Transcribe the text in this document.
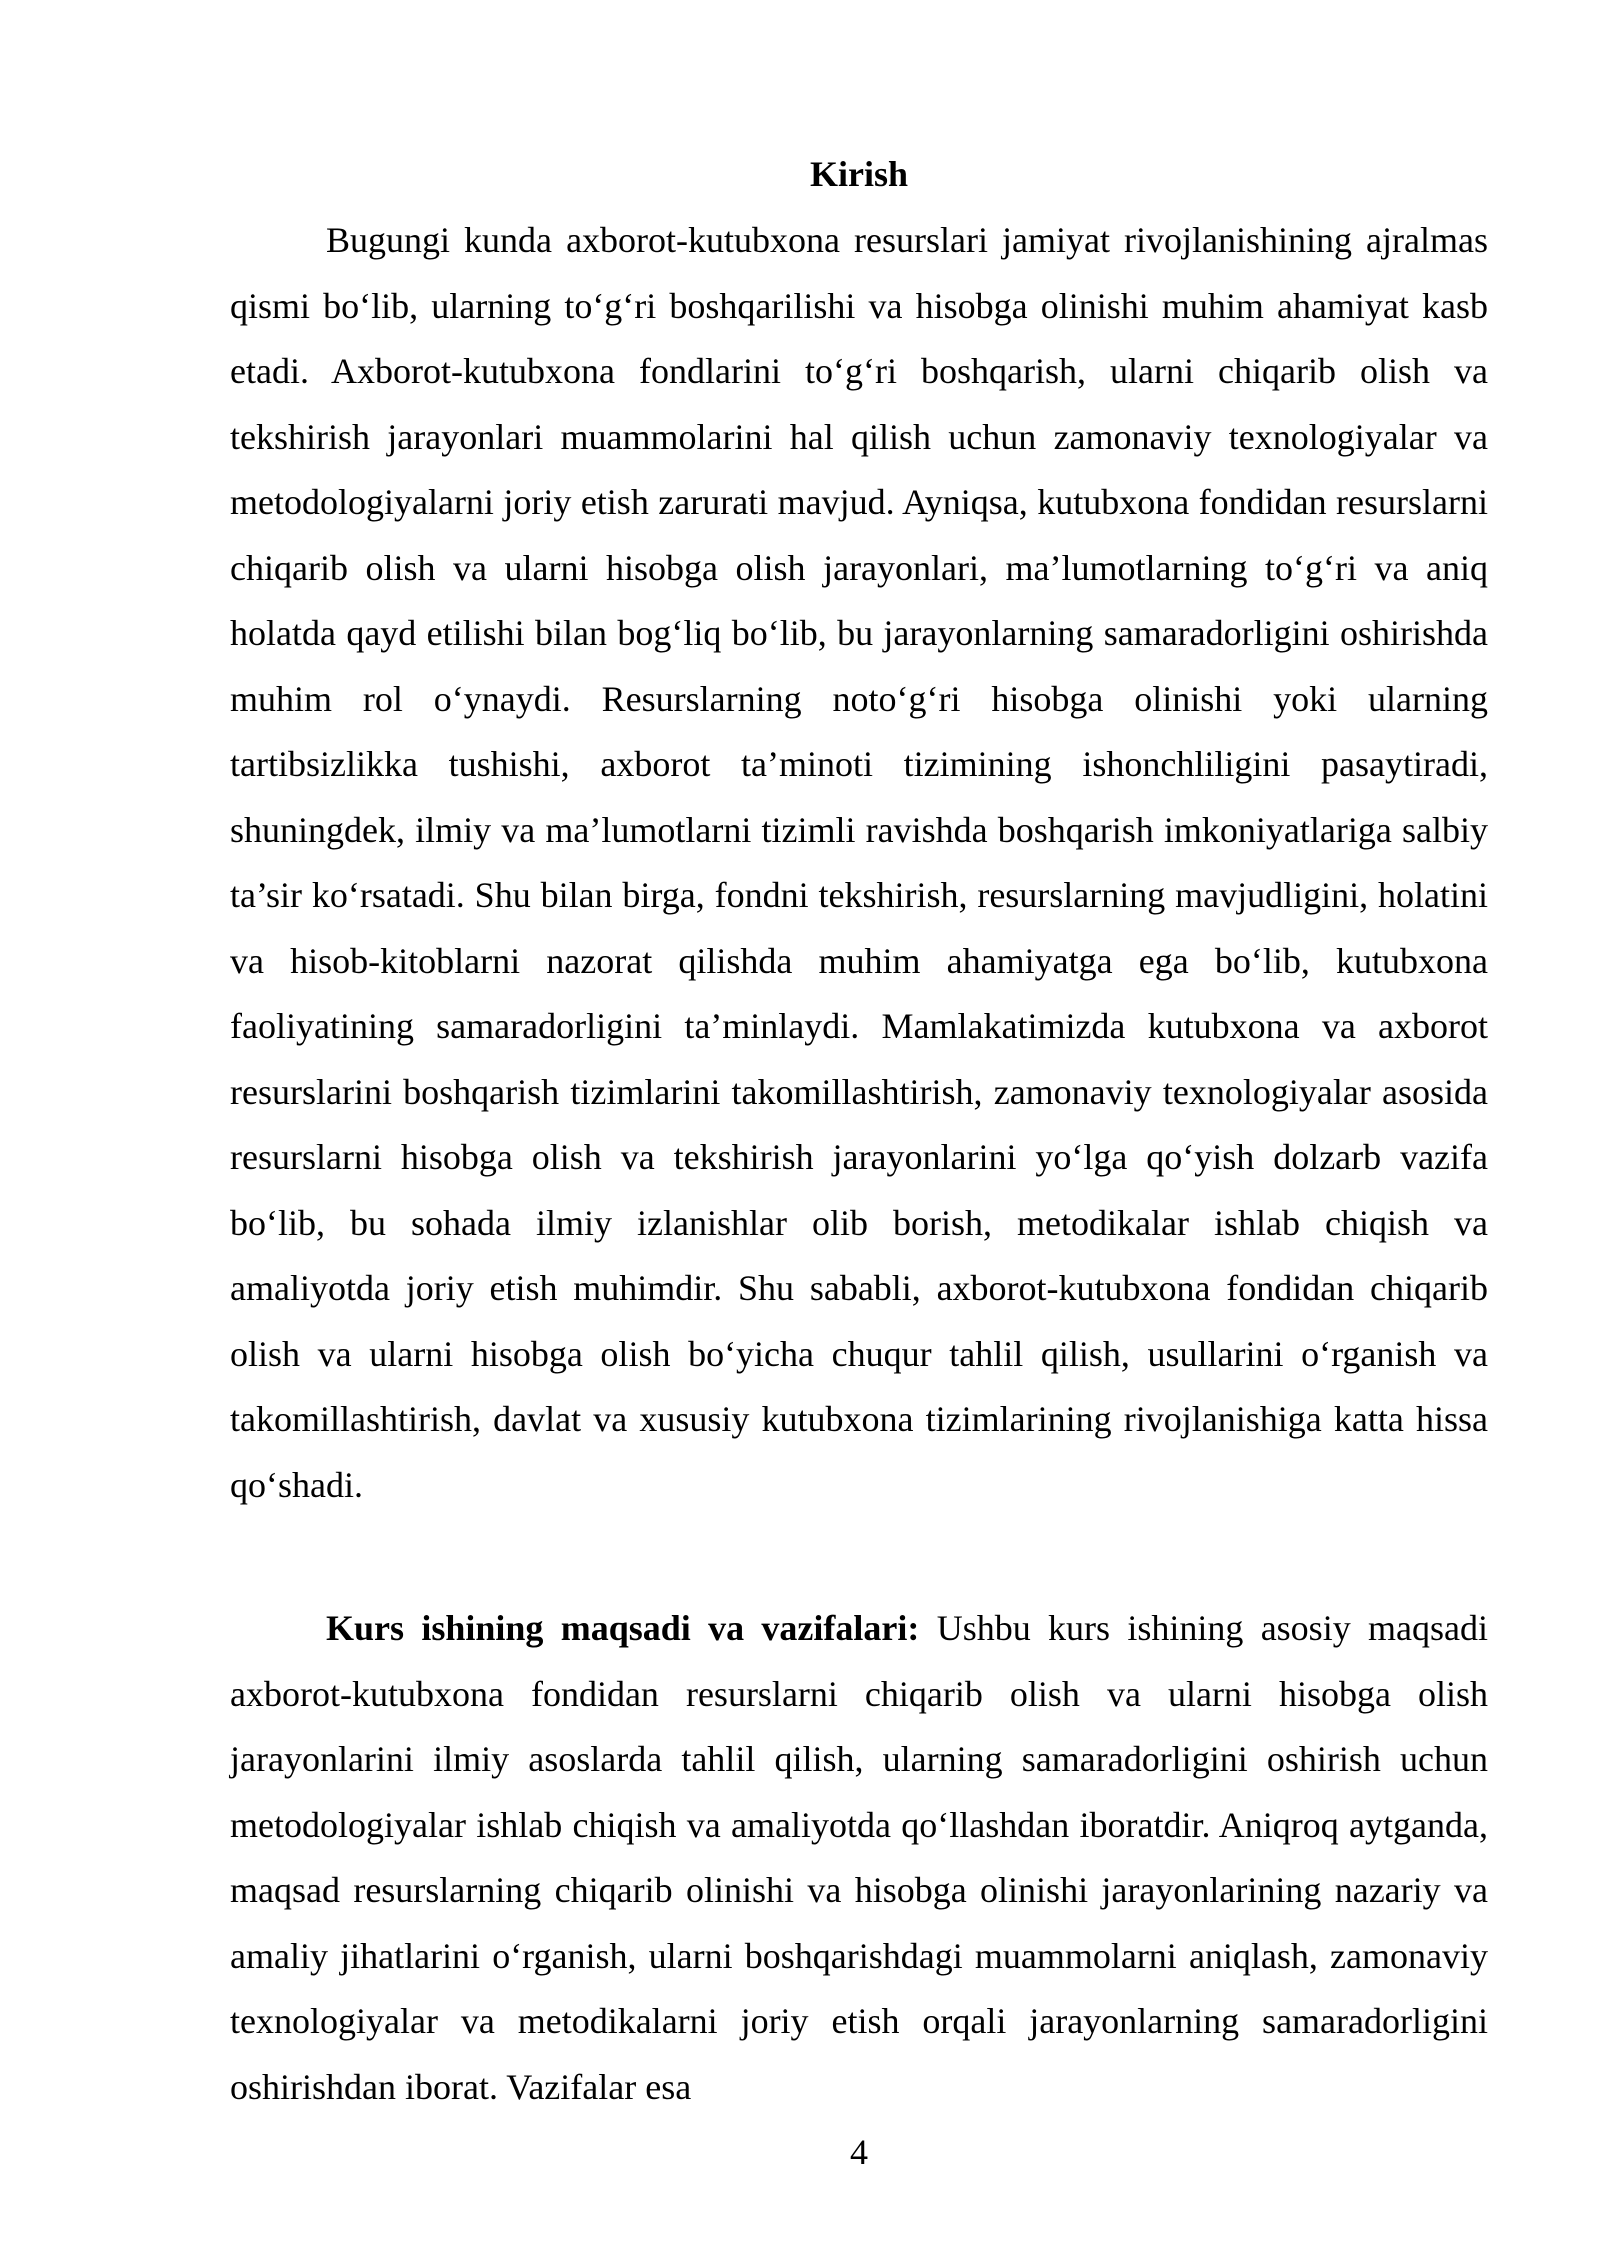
Kirish

Bugungi kunda axborot-kutubxona resurslari jamiyat rivojlanishining ajralmas qismi bo‘lib, ularning to‘g‘ri boshqarilishi va hisobga olinishi muhim ahamiyat kasb etadi. Axborot-kutubxona fondlarini to‘g‘ri boshqarish, ularni chiqarib olish va tekshirish jarayonlari muammolarini hal qilish uchun zamonaviy texnologiyalar va metodologiyalarni joriy etish zarurati mavjud. Ayniqsa, kutubxona fondidan resurslarni chiqarib olish va ularni hisobga olish jarayonlari, ma’lumotlarning to‘g‘ri va aniq holatda qayd etilishi bilan bog‘liq bo‘lib, bu jarayonlarning samaradorligini oshirishda muhim rol o‘ynaydi. Resurslarning noto‘g‘ri hisobga olinishi yoki ularning tartibsizlikka tushishi, axborot ta’minoti tizimining ishonchliligini pasaytiradi, shuningdek, ilmiy va ma’lumotlarni tizimli ravishda boshqarish imkoniyatlariga salbiy ta’sir ko‘rsatadi. Shu bilan birga, fondni tekshirish, resurslarning mavjudligini, holatini va hisob-kitoblarni nazorat qilishda muhim ahamiyatga ega bo‘lib, kutubxona faoliyatining samaradorligini ta’minlaydi. Mamlakatimizda kutubxona va axborot resurslarini boshqarish tizimlarini takomillashtirish, zamonaviy texnologiyalar asosida resurslarni hisobga olish va tekshirish jarayonlarini yo‘lga qo‘yish dolzarb vazifa bo‘lib, bu sohada ilmiy izlanishlar olib borish, metodikalar ishlab chiqish va amaliyotda joriy etish muhimdir. Shu sababli, axborot-kutubxona fondidan chiqarib olish va ularni hisobga olish bo‘yicha chuqur tahlil qilish, usullarini o‘rganish va takomillashtirish, davlat va xususiy kutubxona tizimlarining rivojlanishiga katta hissa qo‘shadi.

Kurs ishining maqsadi va vazifalari: Ushbu kurs ishining asosiy maqsadi axborot-kutubxona fondidan resurslarni chiqarib olish va ularni hisobga olish jarayonlarini ilmiy asoslarda tahlil qilish, ularning samaradorligini oshirish uchun metodologiyalar ishlab chiqish va amaliyotda qo‘llashdan iboratdir. Aniqroq aytganda, maqsad resurslarning chiqarib olinishi va hisobga olinishi jarayonlarining nazariy va amaliy jihatlarini o‘rganish, ularni boshqarishdagi muammolarni aniqlash, zamonaviy texnologiyalar va metodikalarni joriy etish orqali jarayonlarning samaradorligini oshirishdan iborat. Vazifalar esa

4
